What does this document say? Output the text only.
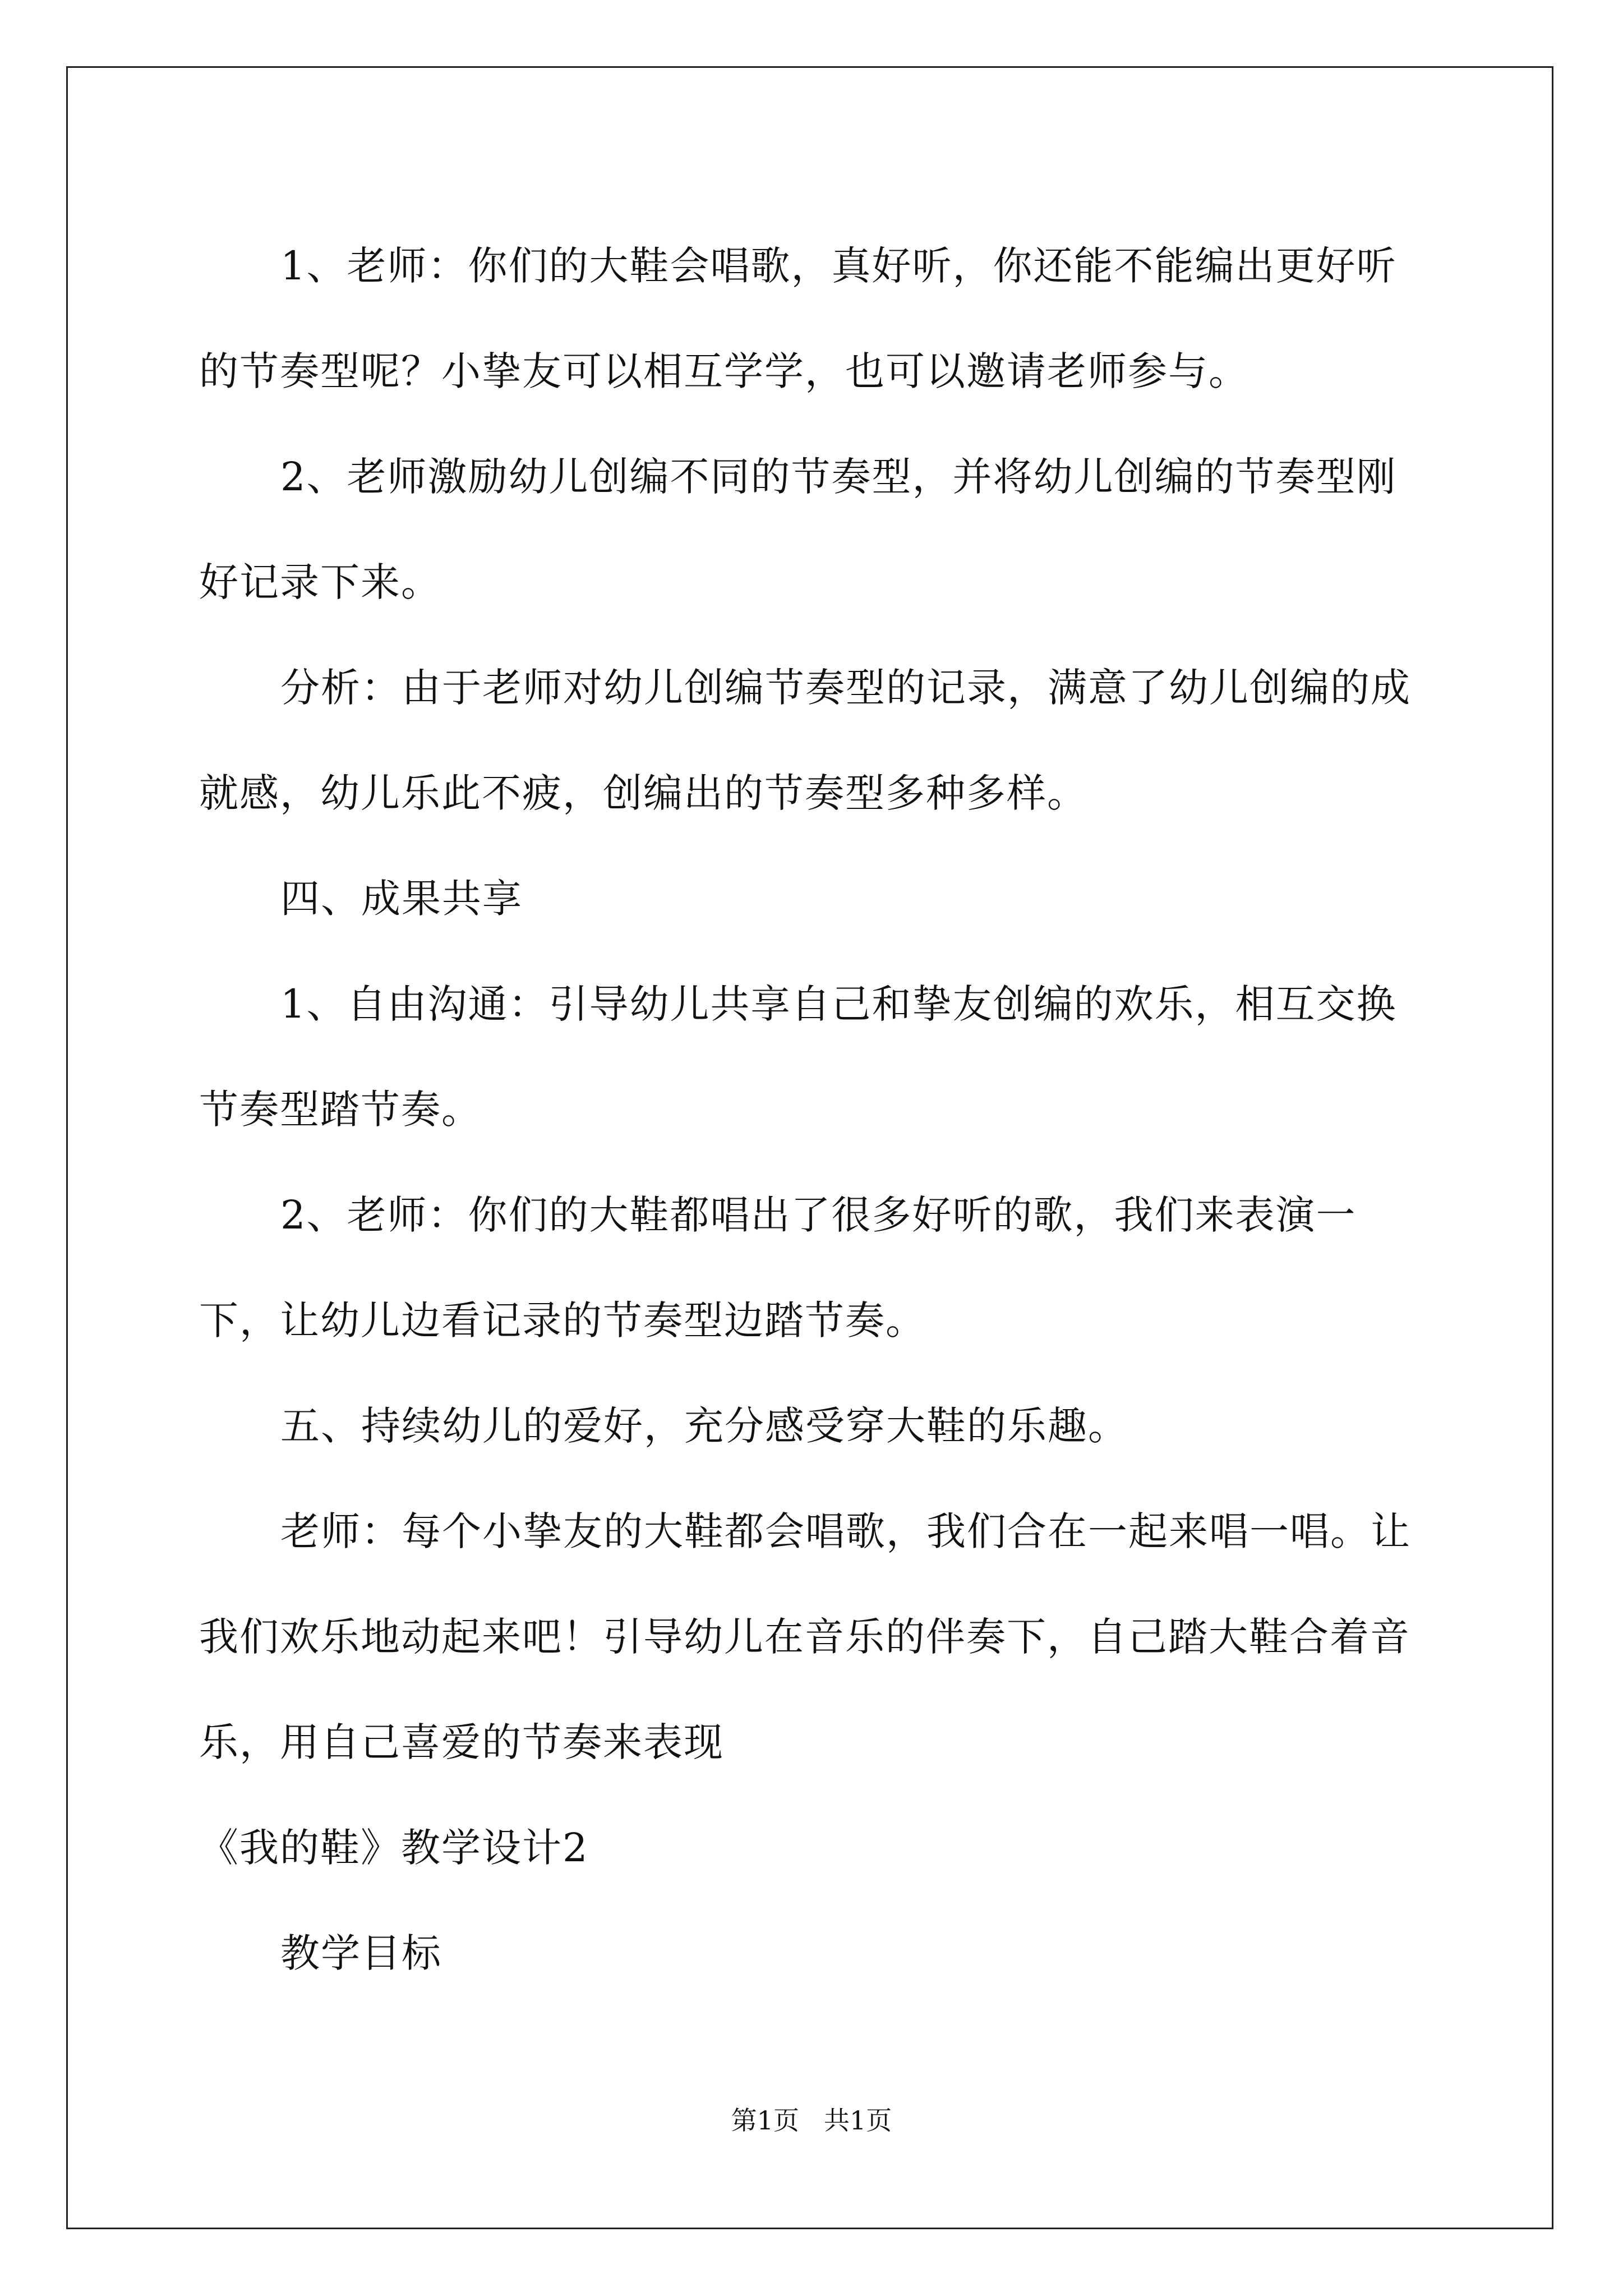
1、老师：你们的大鞋会唱歌，真好听，你还能不能编出更好听的节奏型呢？小挚友可以相互学学，也可以邀请老师参与。

2、老师激励幼儿创编不同的节奏型，并将幼儿创编的节奏型刚好记录下来。

分析：由于老师对幼儿创编节奏型的记录，满意了幼儿创编的成就感，幼儿乐此不疲，创编出的节奏型多种多样。

四、成果共享

1、自由沟通：引导幼儿共享自己和挚友创编的欢乐，相互交换节奏型踏节奏。

2、老师：你们的大鞋都唱出了很多好听的歌，我们来表演一下，让幼儿边看记录的节奏型边踏节奏。

五、持续幼儿的爱好，充分感受穿大鞋的乐趣。

老师：每个小挚友的大鞋都会唱歌，我们合在一起来唱一唱。让我们欢乐地动起来吧！引导幼儿在音乐的伴奏下，自己踏大鞋合着音乐，用自己喜爱的节奏来表现

《我的鞋》教学设计2

教学目标

第1页 共1页
